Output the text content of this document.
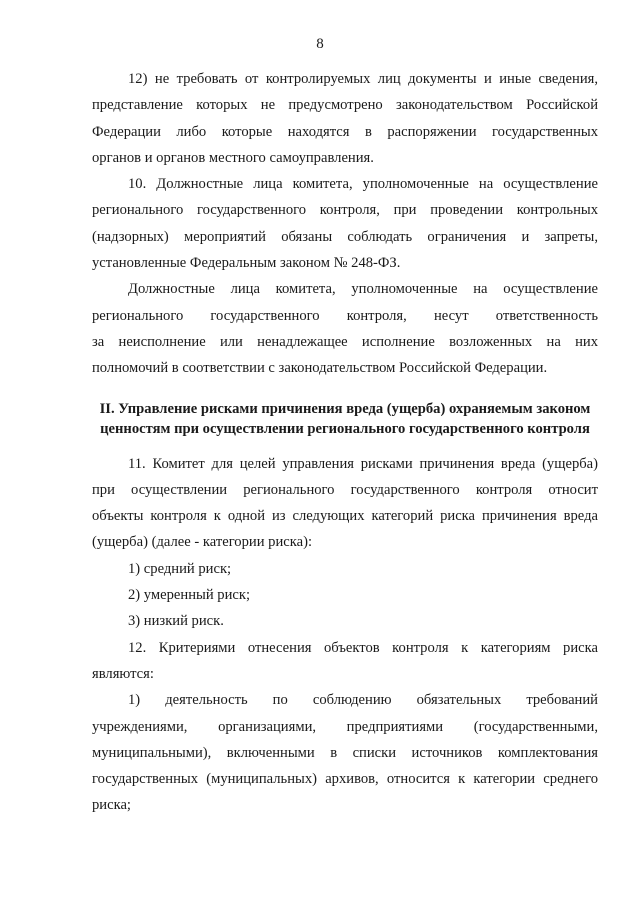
8

12) не требовать от контролируемых лиц документы и иные сведения,
представление которых не предусмотрено законодательством Российской
Федерации либо которые находятся в распоряжении государственных
органов и органов местного самоуправления.

10. Должностные лица комитета, уполномоченные на осуществление
регионального государственного контроля, при проведении контрольных
(надзорных) мероприятий обязаны соблюдать ограничения и запреты,
установленные Федеральным законом № 248-ФЗ.

Должностные лица комитета, уполномоченные на осуществление
регионального государственного контроля, несут ответственность
за неисполнение или ненадлежащее исполнение возложенных на них
полномочий в соответствии с законодательством Российской Федерации.

II. Управление рисками причинения вреда (ущерба) охраняемым законом
ценностям при осуществлении регионального государственного контроля

11. Комитет для целей управления рисками причинения вреда (ущерба)
при осуществлении регионального государственного контроля относит
объекты контроля к одной из следующих категорий риска причинения вреда
(ущерба) (далее - категории риска):

1) средний риск;

2) умеренный риск;

3) низкий риск.

12. Критериями отнесения объектов контроля к категориям риска
являются:

1) деятельность по соблюдению обязательных требований
учреждениями, организациями, предприятиями (государственными,
муниципальными), включенными в списки источников комплектования
государственных (муниципальных) архивов, относится к категории среднего
риска;
